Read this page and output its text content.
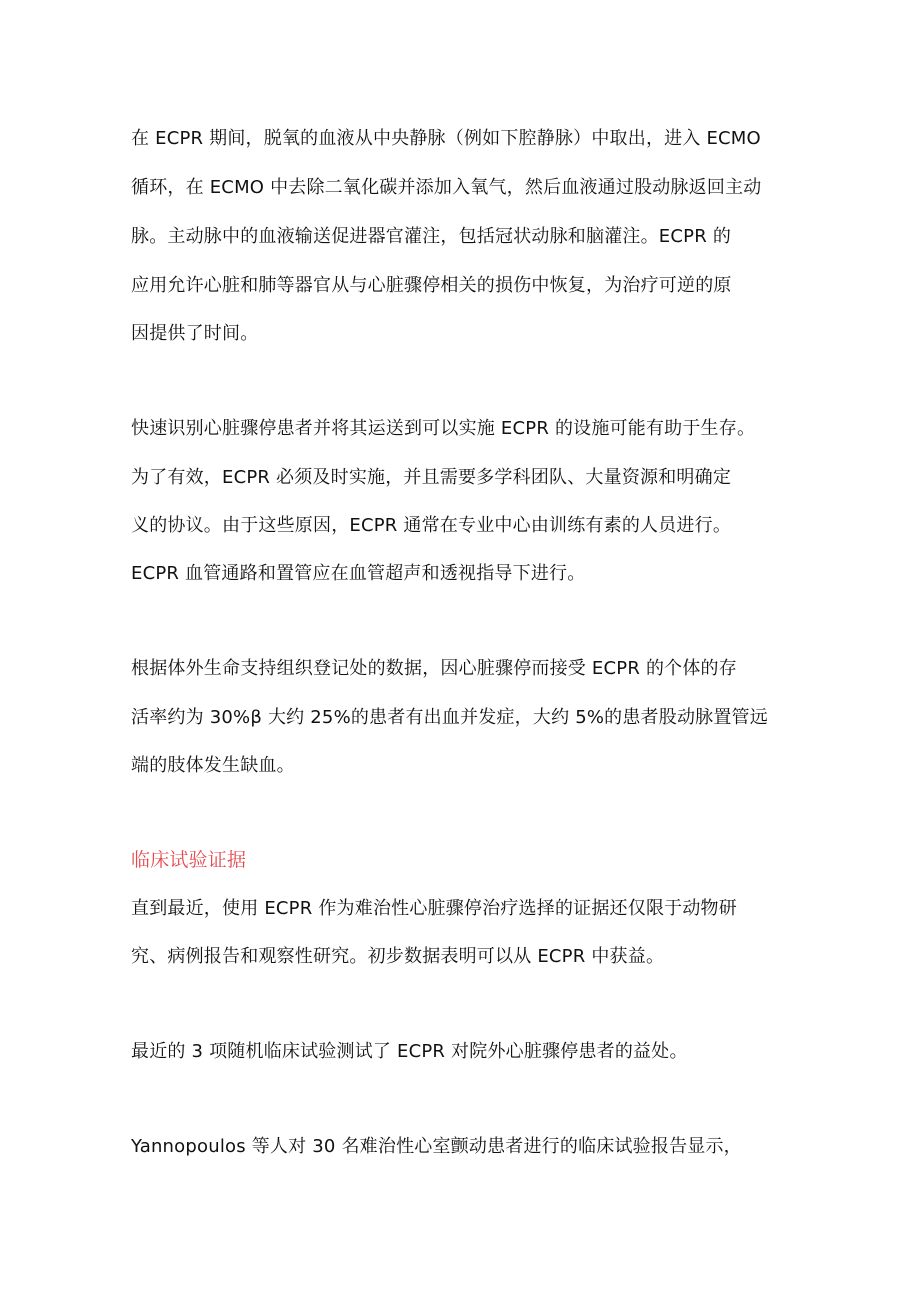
在 ECPR 期间，脱氧的血液从中央静脉（例如下腔静脉）中取出，进入 ECMO
循环，在 ECMO 中去除二氧化碳并添加入氧气，然后血液通过股动脉返回主动
脉。主动脉中的血液输送促进器官灌注，包括冠状动脉和脑灌注。ECPR 的
应用允许心脏和肺等器官从与心脏骤停相关的损伤中恢复，为治疗可逆的原
因提供了时间。
快速识别心脏骤停患者并将其运送到可以实施 ECPR 的设施可能有助于生存。
为了有效，ECPR 必须及时实施，并且需要多学科团队、大量资源和明确定
义的协议。由于这些原因，ECPR 通常在专业中心由训练有素的人员进行。
ECPR 血管通路和置管应在血管超声和透视指导下进行。
根据体外生命支持组织登记处的数据，因心脏骤停而接受 ECPR 的个体的存
活率约为 30%β 大约 25%的患者有出血并发症，大约 5%的患者股动脉置管远
端的肢体发生缺血。
临床试验证据
直到最近，使用 ECPR 作为难治性心脏骤停治疗选择的证据还仅限于动物研
究、病例报告和观察性研究。初步数据表明可以从 ECPR 中获益。
最近的 3 项随机临床试验测试了 ECPR 对院外心脏骤停患者的益处。
Yannopoulos 等人对 30 名难治性心室颤动患者进行的临床试验报告显示，
